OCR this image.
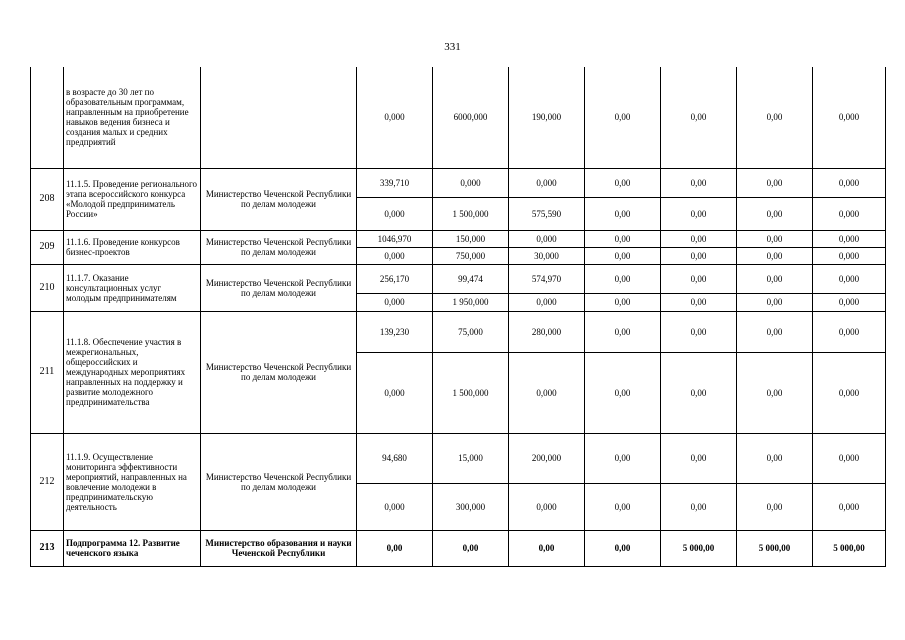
331
	в возрасте до 30 лет по образовательным программам, направленным на приобретение навыков ведения бизнеса и создания малых и средних предприятий		0,000	6000,000	190,000	0,00	0,00	0,00	0,000
208	11.1.5. Проведение регионального этапа всероссийского конкурса «Молодой предприниматель России»	Министерство Чеченской Республики по делам молодежи	339,710	0,000	0,000	0,00	0,00	0,00	0,000
			0,000	1 500,000	575,590	0,00	0,00	0,00	0,000
209	11.1.6. Проведение конкурсов бизнес-проектов	Министерство Чеченской Республики по делам молодежи	1046,970	150,000	0,000	0,00	0,00	0,00	0,000
			0,000	750,000	30,000	0,00	0,00	0,00	0,000
210	11.1.7. Оказание консультационных услуг молодым предпринимателям	Министерство Чеченской Республики по делам молодежи	256,170	99,474	574,970	0,00	0,00	0,00	0,000
			0,000	1 950,000	0,000	0,00	0,00	0,00	0,000
211	11.1.8. Обеспечение участия в межрегиональных, общероссийских и международных мероприятиях направленных на поддержку и развитие молодежного предпринимательства	Министерство Чеченской Республики по делам молодежи	139,230	75,000	280,000	0,00	0,00	0,00	0,000
			0,000	1 500,000	0,000	0,00	0,00	0,00	0,000
212	11.1.9. Осуществление мониторинга эффективности мероприятий, направленных на вовлечение молодежи в предпринимательскую деятельность	Министерство Чеченской Республики по делам молодежи	94,680	15,000	200,000	0,00	0,00	0,00	0,000
			0,000	300,000	0,000	0,00	0,00	0,00	0,000
213	Подпрограмма 12. Развитие чеченского языка	Министерство образования и науки Чеченской Республики	0,00	0,00	0,00	0,00	5 000,00	5 000,00	5 000,00
